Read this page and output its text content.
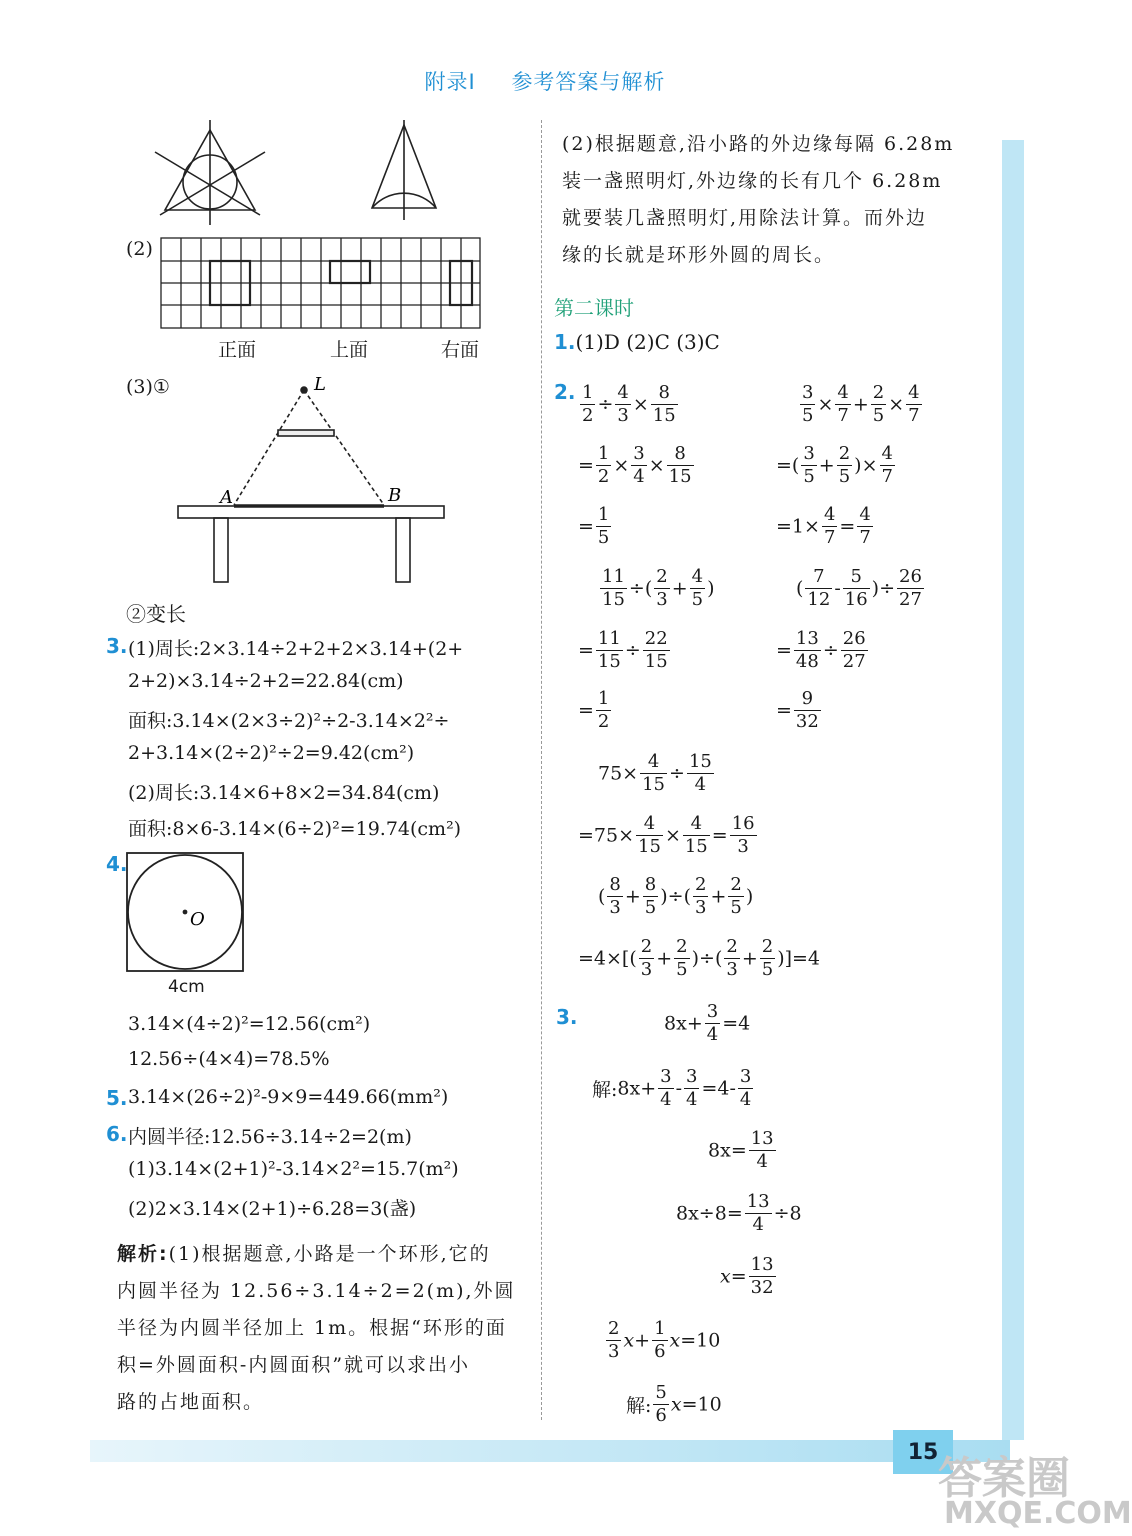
附录Ⅰ 参考答案与解析
15
(2)
正面	上面	右面
(3)①	L
A	B
②变长
3. (1)周长:2×3.14÷2+2+2×3.14+(2+
2+2)×3.14÷2+2=22.84(cm)
面积:3.14×(2×3÷2)²÷2-3.14×2²÷
2+3.14×(2÷2)²÷2=9.42(cm²)
(2)周长:3.14×6+8×2=34.84(cm)
面积:8×6-3.14×(6÷2)²=19.74(cm²)
4.
O
4cm
3.14×(4÷2)²=12.56(cm²)
12.56÷(4×4)=78.5%
5. 3.14×(26÷2)²-9×9=449.66(mm²)
6. 内圆半径:12.56÷3.14÷2=2(m)
(1)3.14×(2+1)²-3.14×2²=15.7(m²)
(2)2×3.14×(2+1)÷6.28=3(盏)
解析:(1)根据题意,小路是一个环形,它的
内圆半径为 12.56÷3.14÷2=2(m),外圆
半径为内圆半径加上 1m。根据“环形的面
积=外圆面积-内圆面积”就可以求出小
路的占地面积。
(2)根据题意,沿小路的外边缘每隔 6.28m
装一盏照明灯,外边缘的长有几个 6.28m
就要装几盏照明灯,用除法计算。而外边
缘的长就是环形外圆的周长。
第二课时
1.(1)D (2)C (3)C
2. $\frac{1}{2} \div \frac{4}{3} \times \frac{8}{15}$	$\frac{3}{5} \times \frac{4}{7} + \frac{2}{5} \times \frac{4}{7}$
= $\frac{1}{2} \times \frac{3}{4} \times \frac{8}{15}$	=( $\frac{3}{5} + \frac{2}{5}$ )× $\frac{4}{7}$
= $\frac{1}{5}$	$=1\times \frac{4}{7} = \frac{4}{7}$
$\frac{11}{15}$ ÷( $\frac{2}{3} + \frac{4}{5}$ )	( $\frac{7}{12} - \frac{5}{16}$ )÷ $\frac{26}{27}$
= $\frac{11}{15} \div \frac{22}{15}$	= $\frac{13}{48} \div \frac{26}{27}$
= $\frac{1}{2}$	= $\frac{9}{32}$
$75\times \frac{4}{15} \div \frac{15}{4}$
$=75\times \frac{4}{15} \times \frac{4}{15} = \frac{16}{3}$
( $\frac{8}{3} + \frac{8}{5}$ )÷( $\frac{2}{3} + \frac{2}{5}$ )
$=4\times[( \frac{2}{3} + \frac{2}{5}$ )÷( $\frac{2}{3} + \frac{2}{5} )]=4$
$8x+ \frac{3}{4} =4$
解:8x+ $\frac{3}{4} - \frac{3}{4} =4- \frac{3}{4}$
$8x= \frac{13}{4}$
$8x\div 8= \frac{13}{4} \div 8$
$x= \frac{13}{32}$
$\frac{2}{3} x+ \frac{1}{6} x=10$
解: $\frac{5}{6} x=10$
3.
答案圈
MXQE.COM
